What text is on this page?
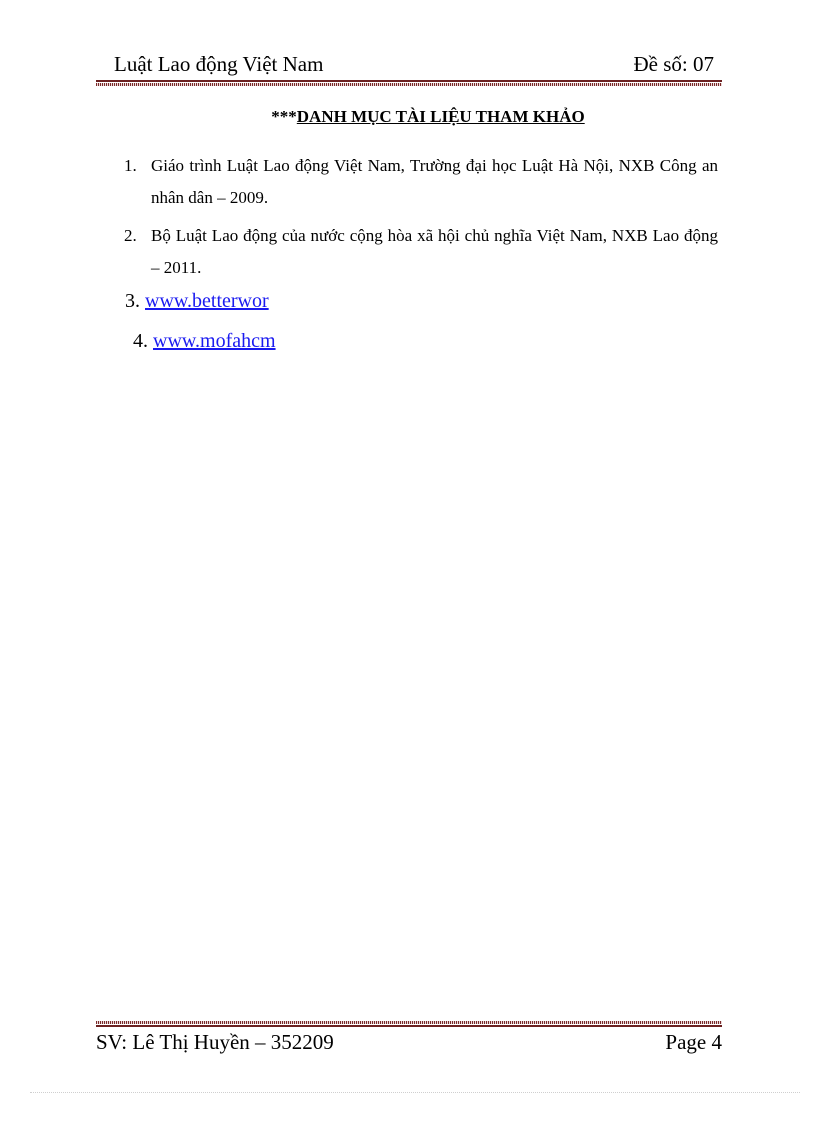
Luật Lao động Việt Nam	Đề số: 07
***DANH MỤC TÀI LIỆU THAM KHẢO
1. Giáo trình Luật Lao động Việt Nam, Trường đại học Luật Hà Nội, NXB Công an nhân dân – 2009.
2. Bộ Luật Lao động của nước cộng hòa xã hội chủ nghĩa Việt Nam, NXB Lao động – 2011.
3. www.betterwor
4. www.mofahcm
SV: Lê Thị Huyền – 352209	Page 4
